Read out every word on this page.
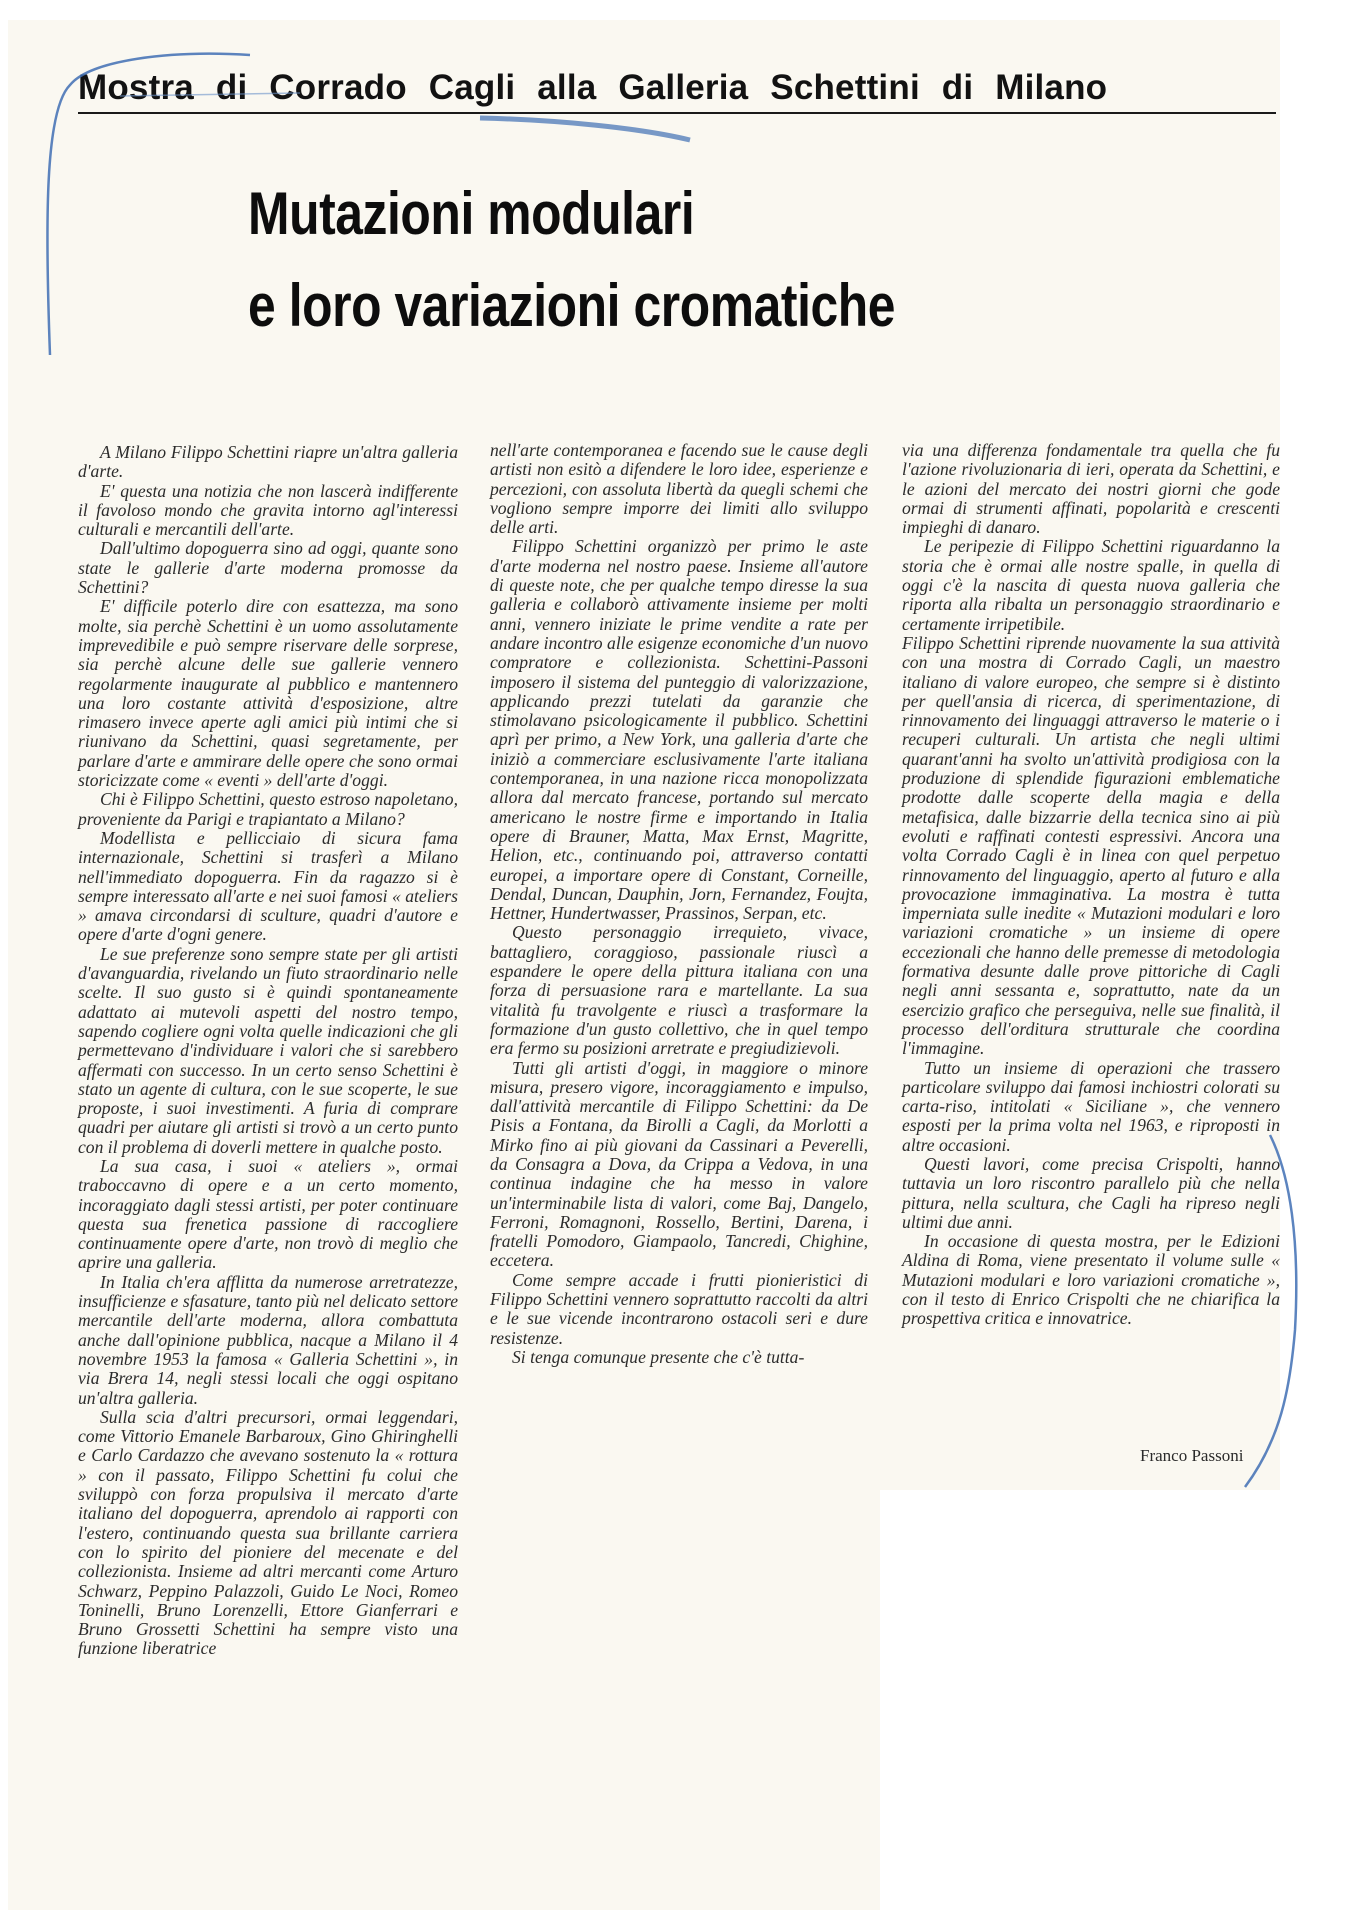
Mostra di Corrado Cagli alla Galleria Schettini di Milano
Mutazioni modulari
e loro variazioni cromatiche

A Milano Filippo Schettini riapre un'altra galleria d'arte.

E' questa una notizia che non lascerà indifferente il favoloso mondo che gravita intorno agl'interessi culturali e mercantili dell'arte.

Dall'ultimo dopoguerra sino ad oggi, quante sono state le gallerie d'arte moderna promosse da Schettini?

E' difficile poterlo dire con esattezza, ma sono molte, sia perchè Schettini è un uomo assolutamente imprevedibile e può sempre riservare delle sorprese, sia perchè alcune delle sue gallerie vennero regolarmente inaugurate al pubblico e mantennero una loro costante attività d'esposizione, altre rimasero invece aperte agli amici più intimi che si riunivano da Schettini, quasi segretamente, per parlare d'arte e ammirare delle opere che sono ormai storicizzate come « eventi » dell'arte d'oggi.

Chi è Filippo Schettini, questo estroso napoletano, proveniente da Parigi e trapiantato a Milano?

Modellista e pellicciaio di sicura fama internazionale, Schettini si trasferì a Milano nell'immediato dopoguerra. Fin da ragazzo si è sempre interessato all'arte e nei suoi famosi « ateliers » amava circondarsi di sculture, quadri d'autore e opere d'arte d'ogni genere.

Le sue preferenze sono sempre state per gli artisti d'avanguardia, rivelando un fiuto straordinario nelle scelte. Il suo gusto si è quindi spontaneamente adattato ai mutevoli aspetti del nostro tempo, sapendo cogliere ogni volta quelle indicazioni che gli permettevano d'individuare i valori che si sarebbero affermati con successo. In un certo senso Schettini è stato un agente di cultura, con le sue scoperte, le sue proposte, i suoi investimenti. A furia di comprare quadri per aiutare gli artisti si trovò a un certo punto con il problema di doverli mettere in qualche posto.

La sua casa, i suoi « ateliers », ormai traboccavno di opere e a un certo momento, incoraggiato dagli stessi artisti, per poter continuare questa sua frenetica passione di raccogliere continuamente opere d'arte, non trovò di meglio che aprire una galleria.

In Italia ch'era afflitta da numerose arretratezze, insufficienze e sfasature, tanto più nel delicato settore mercantile dell'arte moderna, allora combattuta anche dall'opinione pubblica, nacque a Milano il 4 novembre 1953 la famosa « Galleria Schettini », in via Brera 14, negli stessi locali che oggi ospitano un'altra galleria.

Sulla scia d'altri precursori, ormai leggendari, come Vittorio Emanele Barbaroux, Gino Ghiringhelli e Carlo Cardazzo che avevano sostenuto la « rottura » con il passato, Filippo Schettini fu colui che sviluppò con forza propulsiva il mercato d'arte italiano del dopoguerra, aprendolo ai rapporti con l'estero, continuando questa sua brillante carriera con lo spirito del pioniere del mecenate e del collezionista. Insieme ad altri mercanti come Arturo Schwarz, Peppino Palazzoli, Guido Le Noci, Romeo Toninelli, Bruno Lorenzelli, Ettore Gianferrari e Bruno Grossetti Schettini ha sempre visto una funzione liberatrice

nell'arte contemporanea e facendo sue le cause degli artisti non esitò a difendere le loro idee, esperienze e percezioni, con assoluta libertà da quegli schemi che vogliono sempre imporre dei limiti allo sviluppo delle arti.

Filippo Schettini organizzò per primo le aste d'arte moderna nel nostro paese. Insieme all'autore di queste note, che per qualche tempo diresse la sua galleria e collaborò attivamente insieme per molti anni, vennero iniziate le prime vendite a rate per andare incontro alle esigenze economiche d'un nuovo compratore e collezionista. Schettini-Passoni imposero il sistema del punteggio di valorizzazione, applicando prezzi tutelati da garanzie che stimolavano psicologicamente il pubblico. Schettini aprì per primo, a New York, una galleria d'arte che iniziò a commerciare esclusivamente l'arte italiana contemporanea, in una nazione ricca monopolizzata allora dal mercato francese, portando sul mercato americano le nostre firme e importando in Italia opere di Brauner, Matta, Max Ernst, Magritte, Helion, etc., continuando poi, attraverso contatti europei, a importare opere di Constant, Corneille, Dendal, Duncan, Dauphin, Jorn, Fernandez, Foujta, Hettner, Hundertwasser, Prassinos, Serpan, etc.

Questo personaggio irrequieto, vivace, battagliero, coraggioso, passionale riuscì a espandere le opere della pittura italiana con una forza di persuasione rara e martellante. La sua vitalità fu travolgente e riuscì a trasformare la formazione d'un gusto collettivo, che in quel tempo era fermo su posizioni arretrate e pregiudizievoli.

Tutti gli artisti d'oggi, in maggiore o minore misura, presero vigore, incoraggiamento e impulso, dall'attività mercantile di Filippo Schettini: da De Pisis a Fontana, da Birolli a Cagli, da Morlotti a Mirko fino ai più giovani da Cassinari a Peverelli, da Consagra a Dova, da Crippa a Vedova, in una continua indagine che ha messo in valore un'interminabile lista di valori, come Baj, Dangelo, Ferroni, Romagnoni, Rossello, Bertini, Darena, i fratelli Pomodoro, Giampaolo, Tancredi, Chighine, eccetera.

Come sempre accade i frutti pionieristici di Filippo Schettini vennero soprattutto raccolti da altri e le sue vicende incontrarono ostacoli seri e dure resistenze.

Si tenga comunque presente che c'è tutta-

via una differenza fondamentale tra quella che fu l'azione rivoluzionaria di ieri, operata da Schettini, e le azioni del mercato dei nostri giorni che gode ormai di strumenti affinati, popolarità e crescenti impieghi di danaro.

Le peripezie di Filippo Schettini riguardanno la storia che è ormai alle nostre spalle, in quella di oggi c'è la nascita di questa nuova galleria che riporta alla ribalta un personaggio straordinario e certamente irripetibile.

Filippo Schettini riprende nuovamente la sua attività con una mostra di Corrado Cagli, un maestro italiano di valore europeo, che sempre si è distinto per quell'ansia di ricerca, di sperimentazione, di rinnovamento dei linguaggi attraverso le materie o i recuperi culturali. Un artista che negli ultimi quarant'anni ha svolto un'attività prodigiosa con la produzione di splendide figurazioni emblematiche prodotte dalle scoperte della magia e della metafisica, dalle bizzarrie della tecnica sino ai più evoluti e raffinati contesti espressivi. Ancora una volta Corrado Cagli è in linea con quel perpetuo rinnovamento del linguaggio, aperto al futuro e alla provocazione immaginativa. La mostra è tutta imperniata sulle inedite « Mutazioni modulari e loro variazioni cromatiche » un insieme di opere eccezionali che hanno delle premesse di metodologia formativa desunte dalle prove pittoriche di Cagli negli anni sessanta e, soprattutto, nate da un esercizio grafico che perseguiva, nelle sue finalità, il processo dell'orditura strutturale che coordina l'immagine.

Tutto un insieme di operazioni che trassero particolare sviluppo dai famosi inchiostri colorati su carta-riso, intitolati « Siciliane », che vennero esposti per la prima volta nel 1963, e riproposti in altre occasioni.

Questi lavori, come precisa Crispolti, hanno tuttavia un loro riscontro parallelo più che nella pittura, nella scultura, che Cagli ha ripreso negli ultimi due anni.

In occasione di questa mostra, per le Edizioni Aldina di Roma, viene presentato il volume sulle « Mutazioni modulari e loro variazioni cromatiche », con il testo di Enrico Crispolti che ne chiarifica la prospettiva critica e innovatrice.

Franco Passoni
